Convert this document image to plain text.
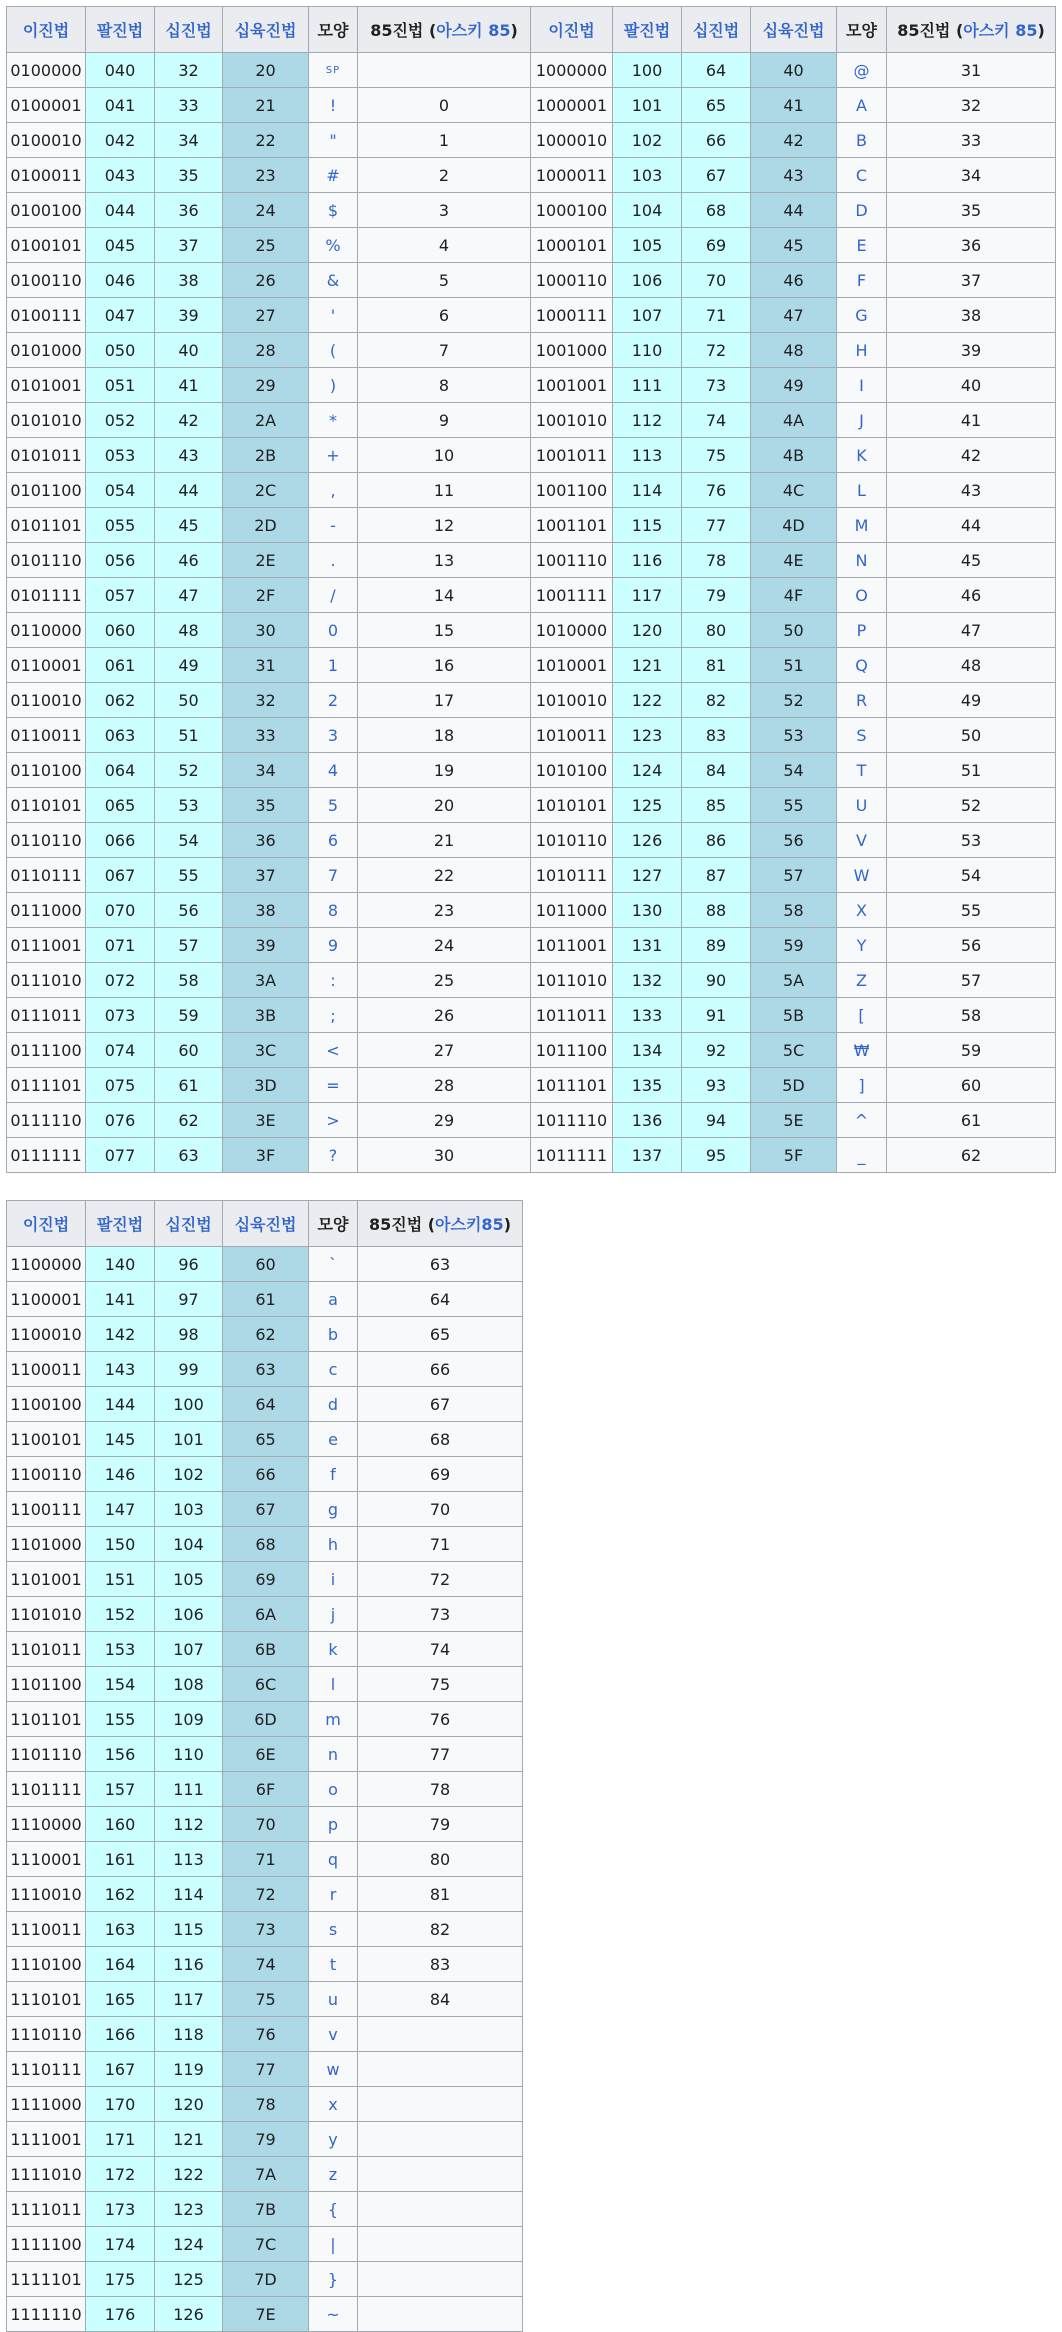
이진법	팔진법	십진법	십육진법	모양	85진법 (아스키 85)	이진법	팔진법	십진법	십육진법	모양	85진법 (아스키 85)
0100000	040	32	20	SP		1000000	100	64	40	@	31
0100001	041	33	21	!	0	1000001	101	65	41	A	32
0100010	042	34	22	"	1	1000010	102	66	42	B	33
0100011	043	35	23	#	2	1000011	103	67	43	C	34
0100100	044	36	24	$	3	1000100	104	68	44	D	35
0100101	045	37	25	%	4	1000101	105	69	45	E	36
0100110	046	38	26	&	5	1000110	106	70	46	F	37
0100111	047	39	27	'	6	1000111	107	71	47	G	38
0101000	050	40	28	(	7	1001000	110	72	48	H	39
0101001	051	41	29	)	8	1001001	111	73	49	I	40
0101010	052	42	2A	*	9	1001010	112	74	4A	J	41
0101011	053	43	2B	+	10	1001011	113	75	4B	K	42
0101100	054	44	2C	,	11	1001100	114	76	4C	L	43
0101101	055	45	2D	-	12	1001101	115	77	4D	M	44
0101110	056	46	2E	.	13	1001110	116	78	4E	N	45
0101111	057	47	2F	/	14	1001111	117	79	4F	O	46
0110000	060	48	30	0	15	1010000	120	80	50	P	47
0110001	061	49	31	1	16	1010001	121	81	51	Q	48
0110010	062	50	32	2	17	1010010	122	82	52	R	49
0110011	063	51	33	3	18	1010011	123	83	53	S	50
0110100	064	52	34	4	19	1010100	124	84	54	T	51
0110101	065	53	35	5	20	1010101	125	85	55	U	52
0110110	066	54	36	6	21	1010110	126	86	56	V	53
0110111	067	55	37	7	22	1010111	127	87	57	W	54
0111000	070	56	38	8	23	1011000	130	88	58	X	55
0111001	071	57	39	9	24	1011001	131	89	59	Y	56
0111010	072	58	3A	:	25	1011010	132	90	5A	Z	57
0111011	073	59	3B	;	26	1011011	133	91	5B	[	58
0111100	074	60	3C	<	27	1011100	134	92	5C	₩	59
0111101	075	61	3D	=	28	1011101	135	93	5D	]	60
0111110	076	62	3E	>	29	1011110	136	94	5E	^	61
0111111	077	63	3F	?	30	1011111	137	95	5F	_	62
이진법	팔진법	십진법	십육진법	모양	85진법 (아스키85)
1100000	140	96	60	`	63
1100001	141	97	61	a	64
1100010	142	98	62	b	65
1100011	143	99	63	c	66
1100100	144	100	64	d	67
1100101	145	101	65	e	68
1100110	146	102	66	f	69
1100111	147	103	67	g	70
1101000	150	104	68	h	71
1101001	151	105	69	i	72
1101010	152	106	6A	j	73
1101011	153	107	6B	k	74
1101100	154	108	6C	l	75
1101101	155	109	6D	m	76
1101110	156	110	6E	n	77
1101111	157	111	6F	o	78
1110000	160	112	70	p	79
1110001	161	113	71	q	80
1110010	162	114	72	r	81
1110011	163	115	73	s	82
1110100	164	116	74	t	83
1110101	165	117	75	u	84
1110110	166	118	76	v	
1110111	167	119	77	w	
1111000	170	120	78	x	
1111001	171	121	79	y	
1111010	172	122	7A	z	
1111011	173	123	7B	{	
1111100	174	124	7C	|	
1111101	175	125	7D	}	
1111110	176	126	7E	~	
